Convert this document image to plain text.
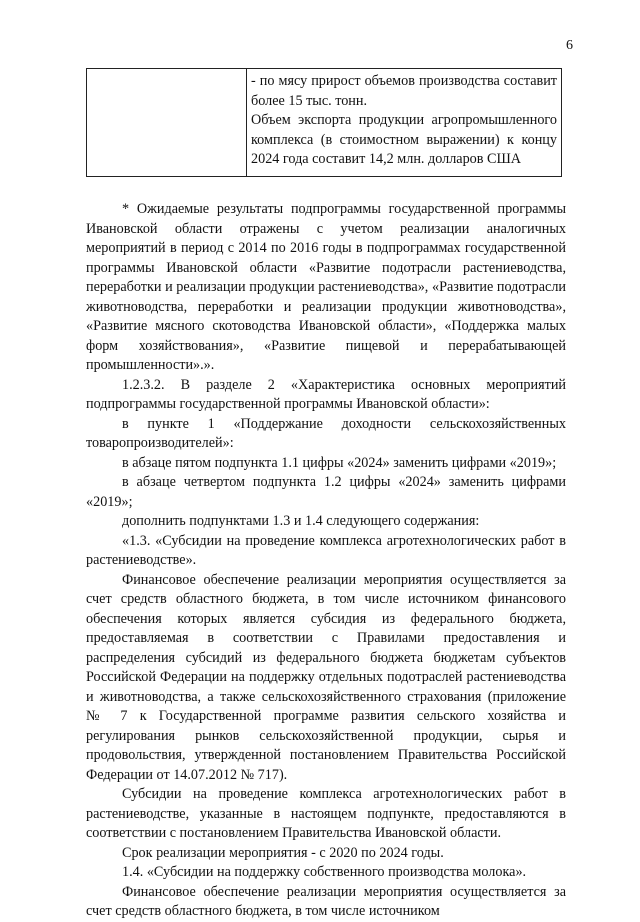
6

- по мясу прирост объемов производства составит более 15 тыс. тонн.

Объем экспорта продукции агропромышленного комплекса (в стоимостном выражении) к концу 2024 года составит 14,2 млн. долларов США

* Ожидаемые результаты подпрограммы государственной программы Ивановской области отражены с учетом реализации аналогичных мероприятий в период с 2014 по 2016 годы в подпрограммах государственной программы Ивановской области «Развитие подотрасли растениеводства, переработки и реализации продукции растениеводства», «Развитие подотрасли животноводства, переработки и реализации продукции животноводства», «Развитие мясного скотоводства Ивановской области», «Поддержка малых форм хозяйствования», «Развитие пищевой и перерабатывающей промышленности».».

1.2.3.2. В разделе 2 «Характеристика основных мероприятий подпрограммы государственной программы Ивановской области»:

в пункте 1 «Поддержание доходности сельскохозяйственных товаропроизводителей»:

в абзаце пятом подпункта 1.1 цифры «2024» заменить цифрами «2019»;

в абзаце четвертом подпункта 1.2 цифры «2024» заменить цифрами «2019»;

дополнить подпунктами 1.3 и 1.4 следующего содержания:

«1.3. «Субсидии на проведение комплекса агротехнологических работ в растениеводстве».

Финансовое обеспечение реализации мероприятия осуществляется за счет средств областного бюджета, в том числе источником финансового обеспечения которых является субсидия из федерального бюджета, предоставляемая в соответствии с Правилами предоставления и распределения субсидий из федерального бюджета бюджетам субъектов Российской Федерации на поддержку отдельных подотраслей растениеводства и животноводства, а также сельскохозяйственного страхования (приложение № 7 к Государственной программе развития сельского хозяйства и регулирования рынков сельскохозяйственной продукции, сырья и продовольствия, утвержденной постановлением Правительства Российской Федерации от 14.07.2012 № 717).

Субсидии на проведение комплекса агротехнологических работ в растениеводстве, указанные в настоящем подпункте, предоставляются в соответствии с постановлением Правительства Ивановской области.

Срок реализации мероприятия - с 2020 по 2024 годы.

1.4. «Субсидии на поддержку собственного производства молока».

Финансовое обеспечение реализации мероприятия осуществляется за счет средств областного бюджета, в том числе источником
